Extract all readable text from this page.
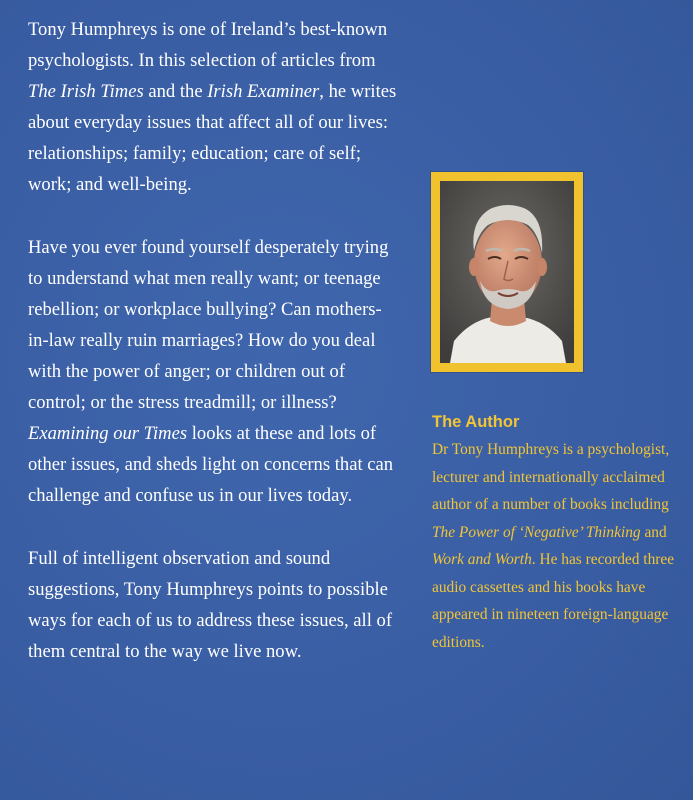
Tony Humphreys is one of Ireland’s best-known psychologists. In this selection of articles from The Irish Times and the Irish Examiner, he writes about everyday issues that affect all of our lives: relationships; family; education; care of self; work; and well-being.

Have you ever found yourself desperately trying to understand what men really want; or teenage rebellion; or workplace bullying? Can mothers-in-law really ruin marriages? How do you deal with the power of anger; or children out of control; or the stress treadmill; or illness? Examining our Times looks at these and lots of other issues, and sheds light on concerns that can challenge and confuse us in our lives today.

Full of intelligent observation and sound suggestions, Tony Humphreys points to possible ways for each of us to address these issues, all of them central to the way we live now.

The Author

Dr Tony Humphreys is a psychologist, lecturer and internationally acclaimed author of a number of books including The Power of ‘Negative’ Thinking and Work and Worth. He has recorded three audio cassettes and his books have appeared in nineteen foreign-language editions.
